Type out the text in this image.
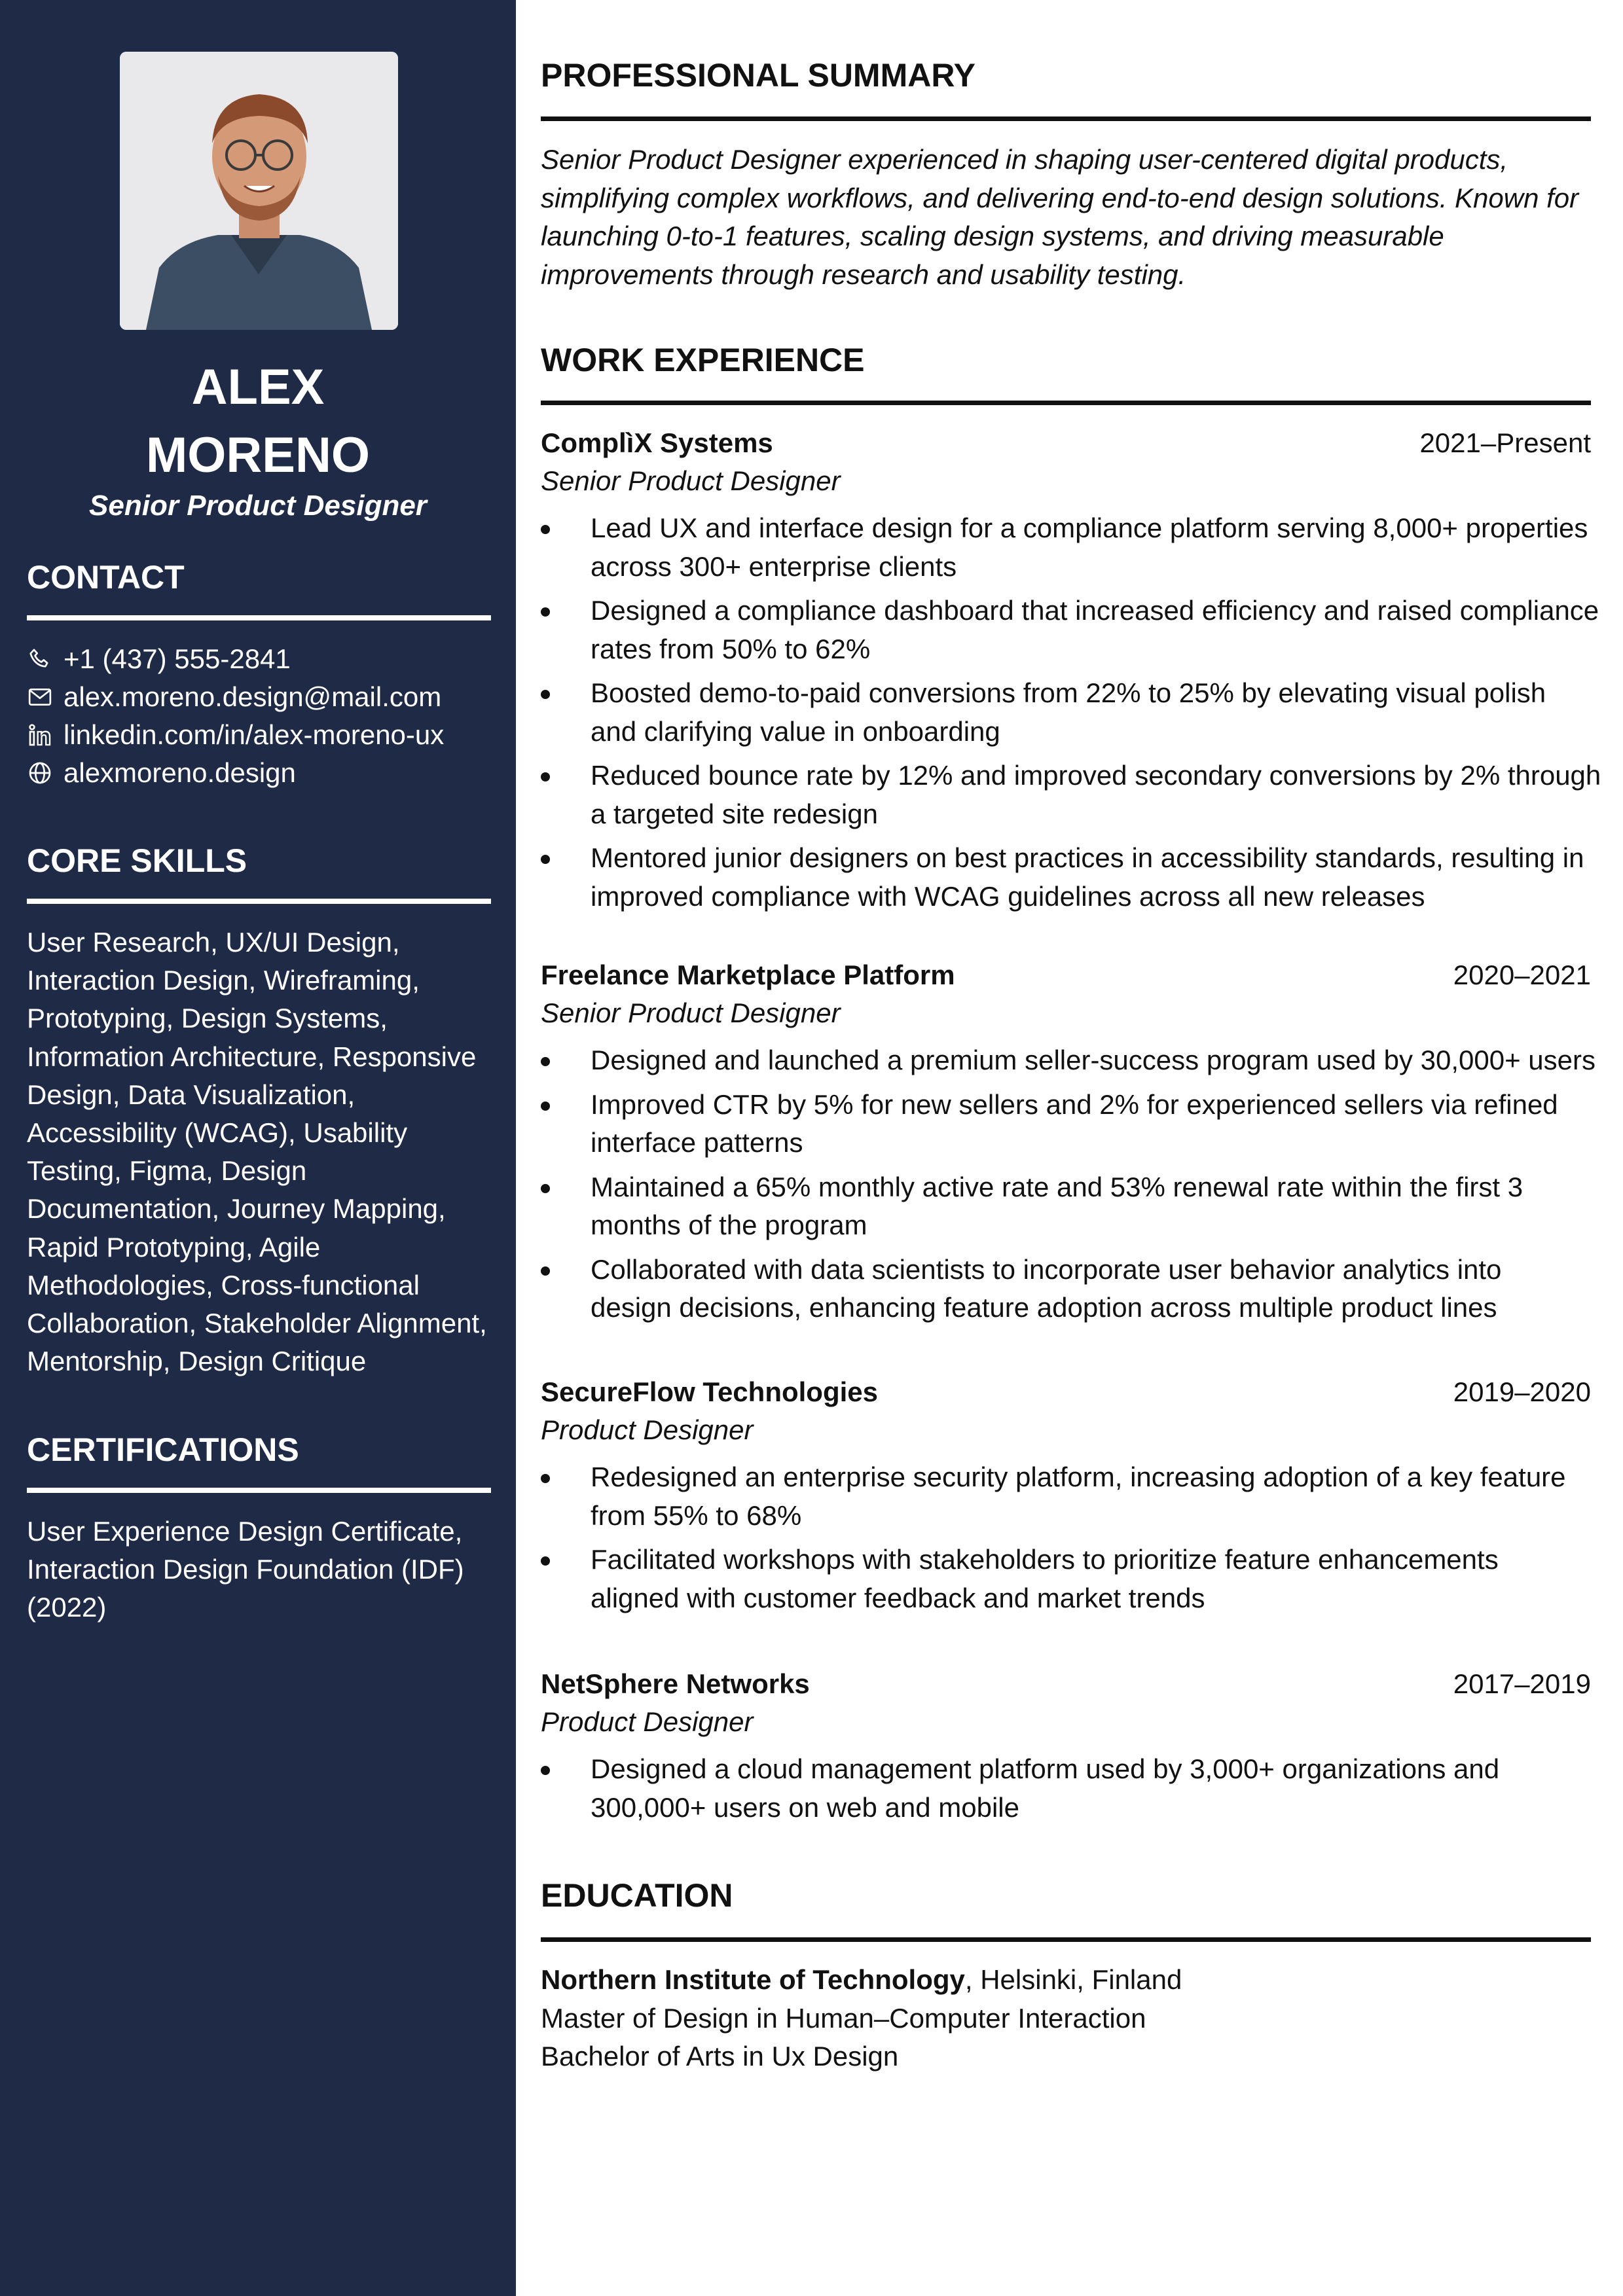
ALEX
MORENO
Senior Product Designer
CONTACT
+1 (437) 555-2841
alex.moreno.design@mail.com
linkedin.com/in/alex-moreno-ux
alexmoreno.design
CORE SKILLS
User Research, UX/UI Design,
Interaction Design, Wireframing,
Prototyping, Design Systems,
Information Architecture, Responsive
Design, Data Visualization,
Accessibility (WCAG), Usability
Testing, Figma, Design
Documentation, Journey Mapping,
Rapid Prototyping, Agile
Methodologies, Cross-functional
Collaboration, Stakeholder Alignment,
Mentorship, Design Critique
CERTIFICATIONS
User Experience Design Certificate,
Interaction Design Foundation (IDF)
(2022)
PROFESSIONAL SUMMARY
Senior Product Designer experienced in shaping user-centered digital products,
simplifying complex workflows, and delivering end-to-end design solutions. Known for
launching 0-to-1 features, scaling design systems, and driving measurable
improvements through research and usability testing.
WORK EXPERIENCE
ComplìX Systems	2021–Present
Senior Product Designer
Lead UX and interface design for a compliance platform serving 8,000+ properties
across 300+ enterprise clients
Designed a compliance dashboard that increased efficiency and raised compliance
rates from 50% to 62%
Boosted demo-to-paid conversions from 22% to 25% by elevating visual polish
and clarifying value in onboarding
Reduced bounce rate by 12% and improved secondary conversions by 2% through
a targeted site redesign
Mentored junior designers on best practices in accessibility standards, resulting in
improved compliance with WCAG guidelines across all new releases
Freelance Marketplace Platform	2020–2021
Senior Product Designer
Designed and launched a premium seller-success program used by 30,000+ users
Improved CTR by 5% for new sellers and 2% for experienced sellers via refined
interface patterns
Maintained a 65% monthly active rate and 53% renewal rate within the first 3
months of the program
Collaborated with data scientists to incorporate user behavior analytics into
design decisions, enhancing feature adoption across multiple product lines
SecureFlow Technologies	2019–2020
Product Designer
Redesigned an enterprise security platform, increasing adoption of a key feature
from 55% to 68%
Facilitated workshops with stakeholders to prioritize feature enhancements
aligned with customer feedback and market trends
NetSphere Networks	2017–2019
Product Designer
Designed a cloud management platform used by 3,000+ organizations and
300,000+ users on web and mobile
EDUCATION
Northern Institute of Technology, Helsinki, Finland
Master of Design in Human–Computer Interaction
Bachelor of Arts in Ux Design
